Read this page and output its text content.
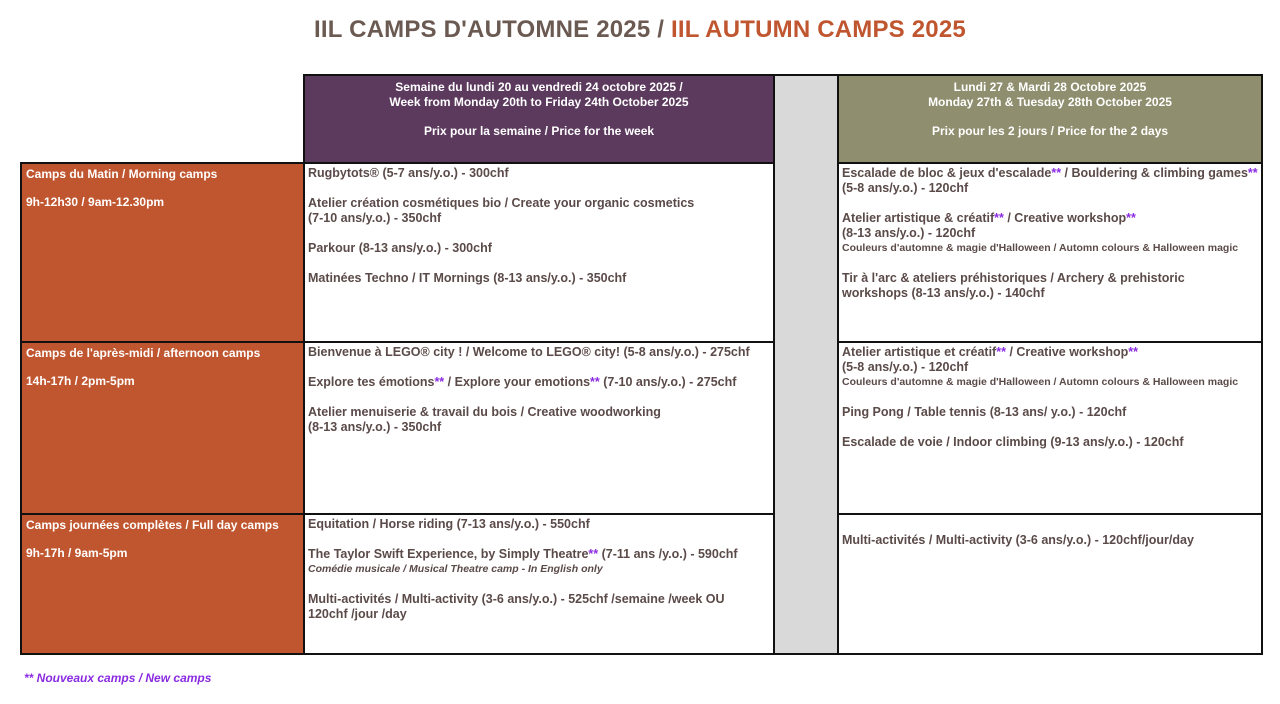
IIL CAMPS D'AUTOMNE 2025 / IIL AUTUMN CAMPS 2025
Semaine du lundi 20 au vendredi 24 octobre 2025 /
Week from Monday 20th to Friday 24th October 2025
Prix pour la semaine / Price for the week
Lundi 27 & Mardi 28 Octobre 2025
Monday 27th & Tuesday 28th October 2025
Prix pour les 2 jours / Price for the 2 days
Camps du Matin / Morning camps
9h-12h30 / 9am-12.30pm
Camps de l'après-midi / afternoon camps
14h-17h / 2pm-5pm
Camps journées complètes / Full day camps
9h-17h / 9am-5pm
Rugbytots® (5-7 ans/y.o.) - 300chf
Atelier création cosmétiques bio / Create your organic cosmetics
(7-10 ans/y.o.) - 350chf
Parkour (8-13 ans/y.o.) - 300chf
Matinées Techno / IT Mornings (8-13 ans/y.o.) - 350chf
Escalade de bloc & jeux d'escalade** / Bouldering & climbing games** (5-8 ans/y.o.) - 120chf
Atelier artistique & créatif** / Creative workshop**
(8-13 ans/y.o.) - 120chf
Couleurs d'automne & magie d'Halloween / Automn colours & Halloween magic
Tir à l'arc & ateliers préhistoriques / Archery & prehistoric
workshops (8-13 ans/y.o.) - 140chf
Bienvenue à LEGO® city ! / Welcome to LEGO® city! (5-8 ans/y.o.) - 275chf
Explore tes émotions** / Explore your emotions** (7-10 ans/y.o.) - 275chf
Atelier menuiserie & travail du bois / Creative woodworking
(8-13 ans/y.o.) - 350chf
Atelier artistique et créatif** / Creative workshop**
(5-8 ans/y.o.) - 120chf
Couleurs d'automne & magie d'Halloween / Automn colours & Halloween magic
Ping Pong / Table tennis (8-13 ans/ y.o.) - 120chf
Escalade de voie / Indoor climbing (9-13 ans/y.o.) - 120chf
Equitation / Horse riding (7-13 ans/y.o.) - 550chf
The Taylor Swift Experience, by Simply Theatre** (7-11 ans /y.o.) - 590chf
Comédie musicale / Musical Theatre camp - In English only
Multi-activités / Multi-activity (3-6 ans/y.o.) - 525chf /semaine /week OU
120chf /jour /day
Multi-activités / Multi-activity (3-6 ans/y.o.) - 120chf/jour/day
** Nouveaux camps / New camps
